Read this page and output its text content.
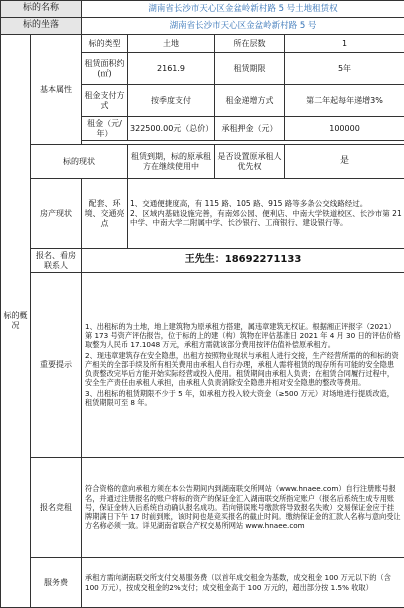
标的名称		湖南省长沙市天心区金盆岭新村路 5 号土地租赁权			
标的坐落		湖南省长沙市天心区金盆岭新村路 5 号			
标的概况	基本属性	标的类型	土地	所在层数	1
		租赁面积约(㎡)	2161.9	租赁期限	5年
		租金支付方式	按季度支付	租金递增方式	第二年起每年递增3%
		租金（元/年）	322500.00元（总价）	承租押金（元）	100000

	标的现状		租赁到期，标的原承租方在继续使用中	是否设置原承租人优先权	是
	房产现状	配套、环境、交通亮点	1、交通便捷度高，有 115 路、105 路、915 路等多条公交线路经过。
2、区域内基础设施完善，有南郊公园、便利店、中南大学铁道校区、长沙市第 21 中学、中南大学二附属中学、长沙银行、工商银行、建设银行等。		
	报名、看房联系人	王先生：18692271133			
	重要提示	1、出租标的为土地，地上建筑物为原承租方搭建，属违章建筑无权证。根据湘正评报字（2021）第 173 号资产评估报告，位于标的上的建（构）筑物在评估基准日 2021 年 4 月 30 日的评估价格取整为人民币 17.1048 万元，承租方需就该部分费用按评估值补偿原承租方。

2、现违章建筑存在安全隐患，出租方按照物业现状与承租人进行交接，生产经营所需的的和标的资产相关的全部手续及所有相关费用由承租人自行办理，承租人需将租赁的现存所有可能的安全隐患负责整改完毕后方能开始实际经营或投入使用。租赁期间由承租人负责；在租赁合同履行过程中，安全生产责任由承租人承担，由承租人负责消除安全隐患并相对安全隐患的整改等费用。

3、出租标的租赁期限不少于 5 年，如承租方投入较大资金（≥500 万元）对场地进行提质改造，租赁期限可至 8 年。			

	报名竞租	符合资格的意向承租方须在本公告期间内到湖南联交所网站（www.hnaee.com）自行注册账号报名，并通过注册报名的账户将标的资产的保证金汇入湖南联交所指定账户（报名后系统生成专用账号，保证金转入后系统自动确认报名成功。若向错误账号缴款将导致报名失败）交易保证金应于挂牌期满日下午 17 时前到账，该时间也是竞买报名的截止时间。缴纳保证金的汇款人名称与意向受让方名称必须一致。详见湖南省联合产权交易所网站 www.hnaee.com			
	服务费	承租方需向湖南联交所支付交易服务费（以首年成交租金为基数，成交租金 100 万元以下的（含 100 万元），按成交租金的2%支付；成交租金高于 100 万元的，超出部分按 1.5% 收取）			
